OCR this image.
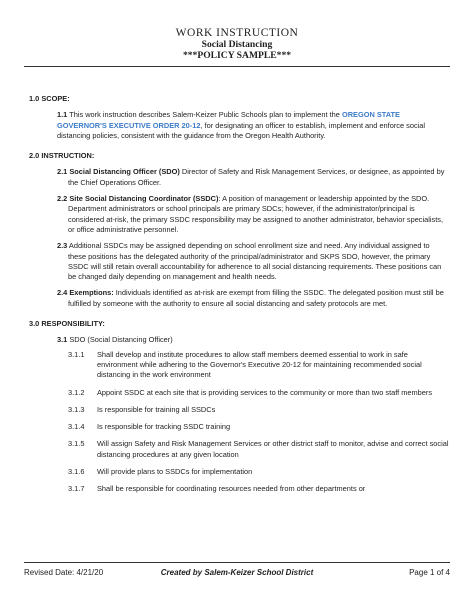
WORK INSTRUCTION
Social Distancing
***POLICY SAMPLE***
1.0 SCOPE:
1.1 This work instruction describes Salem-Keizer Public Schools plan to implement the OREGON STATE GOVERNOR'S EXECUTIVE ORDER 20-12, for designating an officer to establish, implement and enforce social distancing policies, consistent with the guidance from the Oregon Health Authority.
2.0 INSTRUCTION:
2.1 Social Distancing Officer (SDO) Director of Safety and Risk Management Services, or designee, as appointed by the Chief Operations Officer.
2.2 Site Social Distancing Coordinator (SSDC): A position of management or leadership appointed by the SDO. Department administrators or school principals are primary SDCs; however, if the administrator/principal is considered at-risk, the primary SSDC responsibility may be assigned to another administrator, behavior specialists, or office administrative personnel.
2.3 Additional SSDCs may be assigned depending on school enrollment size and need. Any individual assigned to these positions has the delegated authority of the principal/administrator and SKPS SDO, however, the primary SSDC will still retain overall accountability for adherence to all social distancing requirements. These positions can be changed daily depending on management and health needs.
2.4 Exemptions: Individuals identified as at-risk are exempt from filling the SSDC. The delegated position must still be fulfilled by someone with the authority to ensure all social distancing and safety protocols are met.
3.0 RESPONSIBILITY:
3.1 SDO (Social Distancing Officer)
3.1.1 Shall develop and institute procedures to allow staff members deemed essential to work in safe environment while adhering to the Governor's Executive 20-12 for maintaining recommended social distancing in the work environment
3.1.2 Appoint SSDC at each site that is providing services to the community or more than two staff members
3.1.3 Is responsible for training all SSDCs
3.1.4 Is responsible for tracking SSDC training
3.1.5 Will assign Safety and Risk Management Services or other district staff to monitor, advise and correct social distancing procedures at any given location
3.1.6 Will provide plans to SSDCs for implementation
3.1.7 Shall be responsible for coordinating resources needed from other departments or
Revised Date: 4/21/20	Created by Salem-Keizer School District	Page 1 of 4
